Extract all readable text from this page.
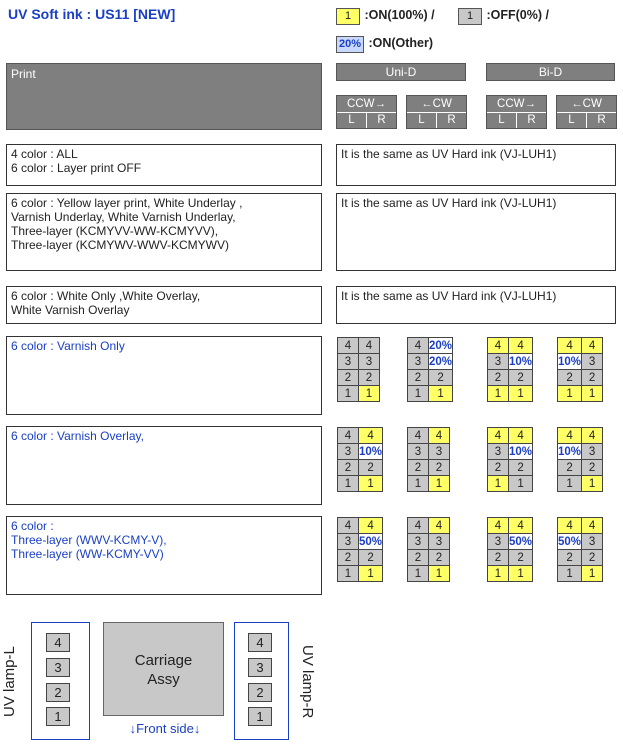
UV Soft ink : US11 [NEW]	1 :ON(100%) /	1 :OFF(0%) /
20% :ON(Other)
Print	Uni-D	Bi-D
CCW→
L	R
←CW
L	R
CCW→
L	R
←CW
L	R
4 color : ALL
6 color : Layer print OFF
It is the same as UV Hard ink (VJ-LUH1)
6 color : Yellow layer print, White Underlay ,
Varnish Underlay, White Varnish Underlay,
Three-layer (KCMYVV-WW-KCMYVV),
Three-layer (KCMYWV-WWV-KCMYWV)
It is the same as UV Hard ink (VJ-LUH1)
6 color : White Only ,White Overlay,
White Varnish Overlay
It is the same as UV Hard ink (VJ-LUH1)
6 color : Varnish Only
6 color : Varnish Overlay,
6 color :
Three-layer (WWV-KCMY-V),
Three-layer (WW-KCMY-VV)
4	4
3	3
2	2
1	1
4	20%
3	20%
2	2
1	1
4	4
3	10%
2	2
1	1
4	4
10%	3
2	2
1	1
4	4
3	10%
2	2
1	1
4	4
3	3
2	2
1	1
4	4
3	10%
2	2
1	1
4	4
10%	3
2	2
1	1
4	4
3	50%
2	2
1	1
4	4
3	3
2	2
1	1
4	4
3	50%
2	2
1	1
4	4
50%	3
2	2
1	1
UV lamp-L
4
3
2
1
Carriage
Assy
↓Front side↓
4
3
2
1	UV lamp-R
